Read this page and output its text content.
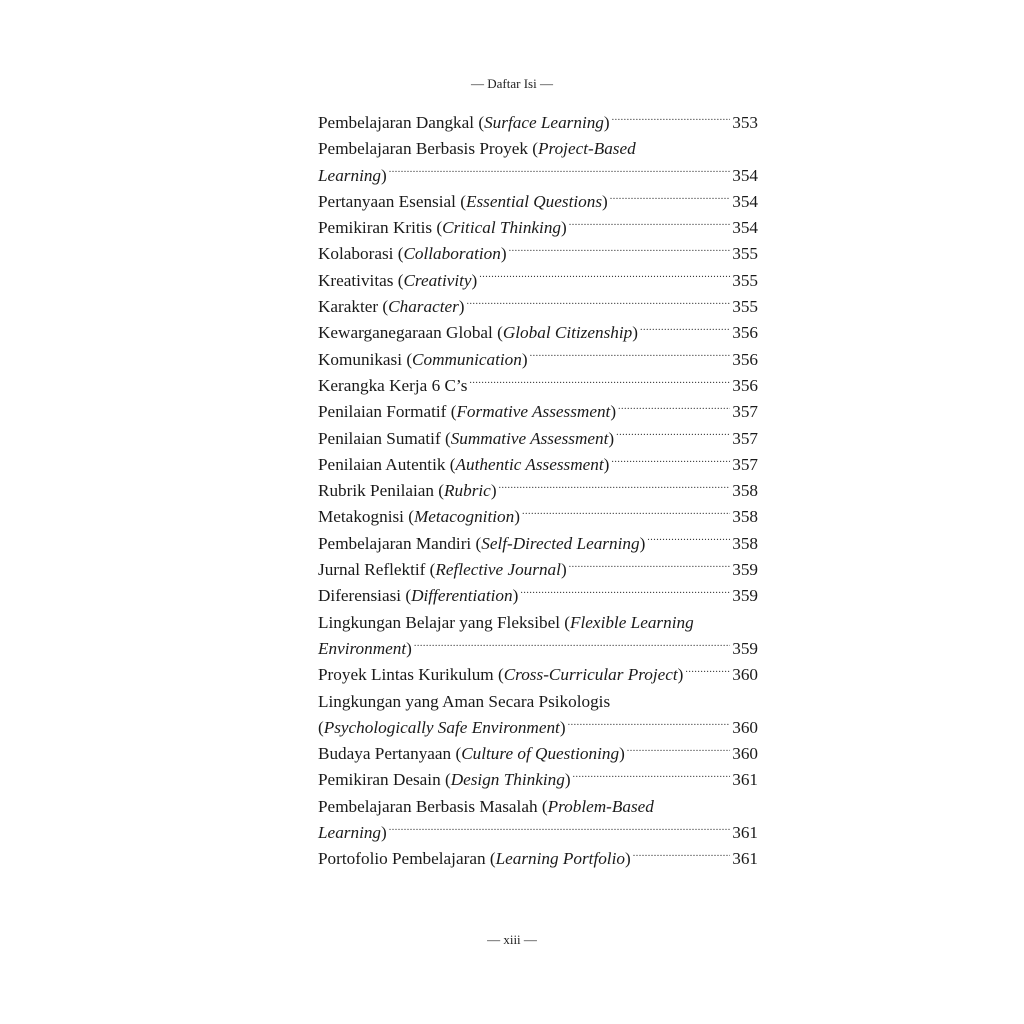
— Daftar Isi —
Pembelajaran Dangkal (Surface Learning) .....	353
Pembelajaran Berbasis Proyek (Project-Based
Learning) .....	354
Pertanyaan Esensial (Essential Questions) .....	354
Pemikiran Kritis (Critical Thinking) .....	354
Kolaborasi (Collaboration) .....	355
Kreativitas (Creativity) .....	355
Karakter (Character) .....	355
Kewarganegaraan Global (Global Citizenship) .....	356
Komunikasi (Communication) .....	356
Kerangka Kerja 6 C’s .....	356
Penilaian Formatif (Formative Assessment) .....	357
Penilaian Sumatif (Summative Assessment) .....	357
Penilaian Autentik (Authentic Assessment) .....	357
Rubrik Penilaian (Rubric) .....	358
Metakognisi (Metacognition) .....	358
Pembelajaran Mandiri (Self-Directed Learning) .....	358
Jurnal Reflektif (Reflective Journal) .....	359
Diferensiasi (Differentiation) .....	359
Lingkungan Belajar yang Fleksibel (Flexible Learning
Environment) .....	359
Proyek Lintas Kurikulum (Cross-Curricular Project) .....	360
Lingkungan yang Aman Secara Psikologis
(Psychologically Safe Environment) .....	360
Budaya Pertanyaan (Culture of Questioning) .....	360
Pemikiran Desain (Design Thinking) .....	361
Pembelajaran Berbasis Masalah (Problem-Based
Learning) .....	361
Portofolio Pembelajaran (Learning Portfolio) .....	361
— xiii —
